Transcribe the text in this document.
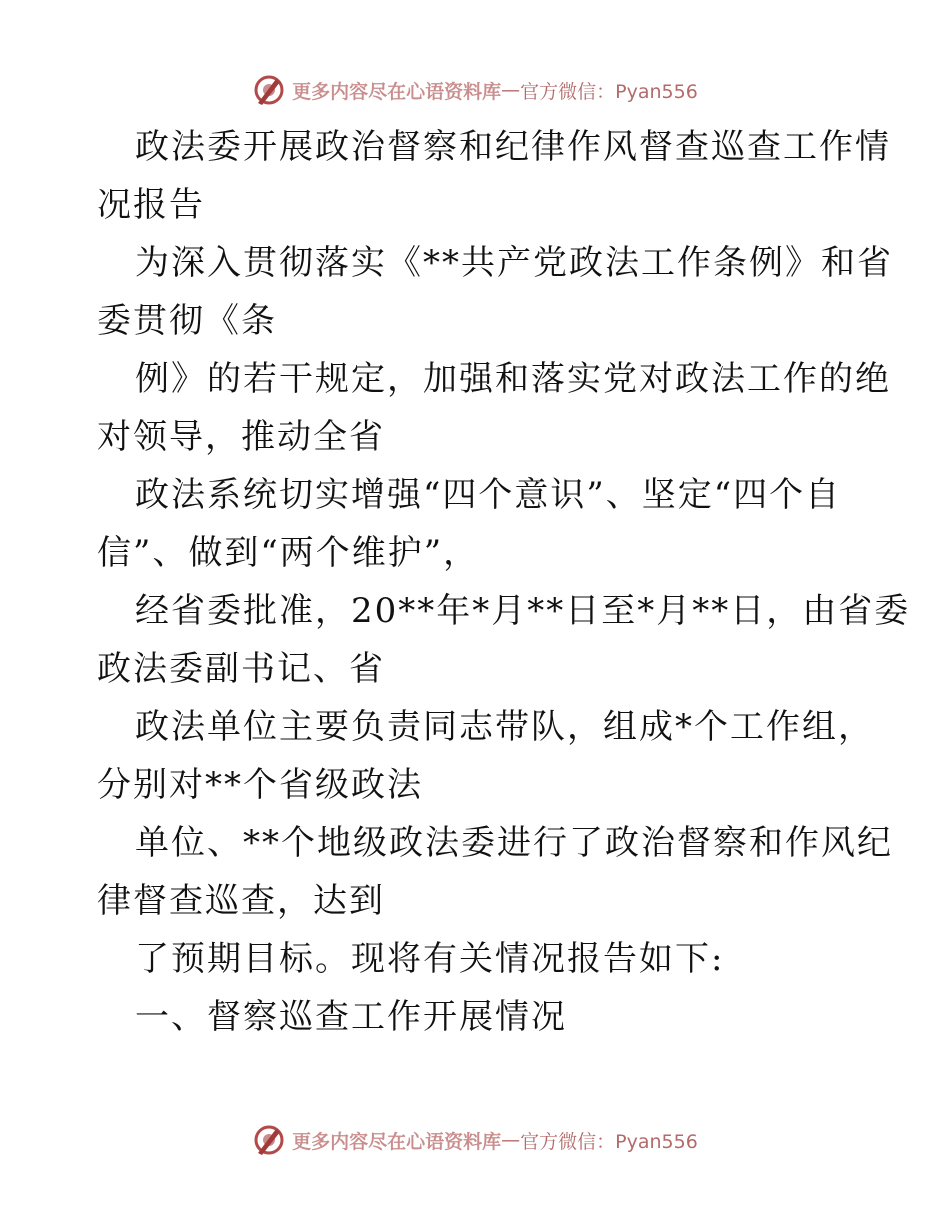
更多内容尽在心语资料库 — 官方微信：Pyan556
政法委开展政治督察和纪律作风督查巡查工作情
况报告
为深入贯彻落实《**共产党政法工作条例》和省
委贯彻《条
例》的若干规定，加强和落实党对政法工作的绝
对领导，推动全省
政法系统切实增强“四个意识”、坚定“四个自
信”、做到“两个维护”，
经省委批准，20**年*月**日至*月**日，由省委
政法委副书记、省
政法单位主要负责同志带队，组成*个工作组，
分别对**个省级政法
单位、**个地级政法委进行了政治督察和作风纪
律督查巡查，达到
了预期目标。现将有关情况报告如下:
一、督察巡查工作开展情况
更多内容尽在心语资料库 — 官方微信：Pyan556
